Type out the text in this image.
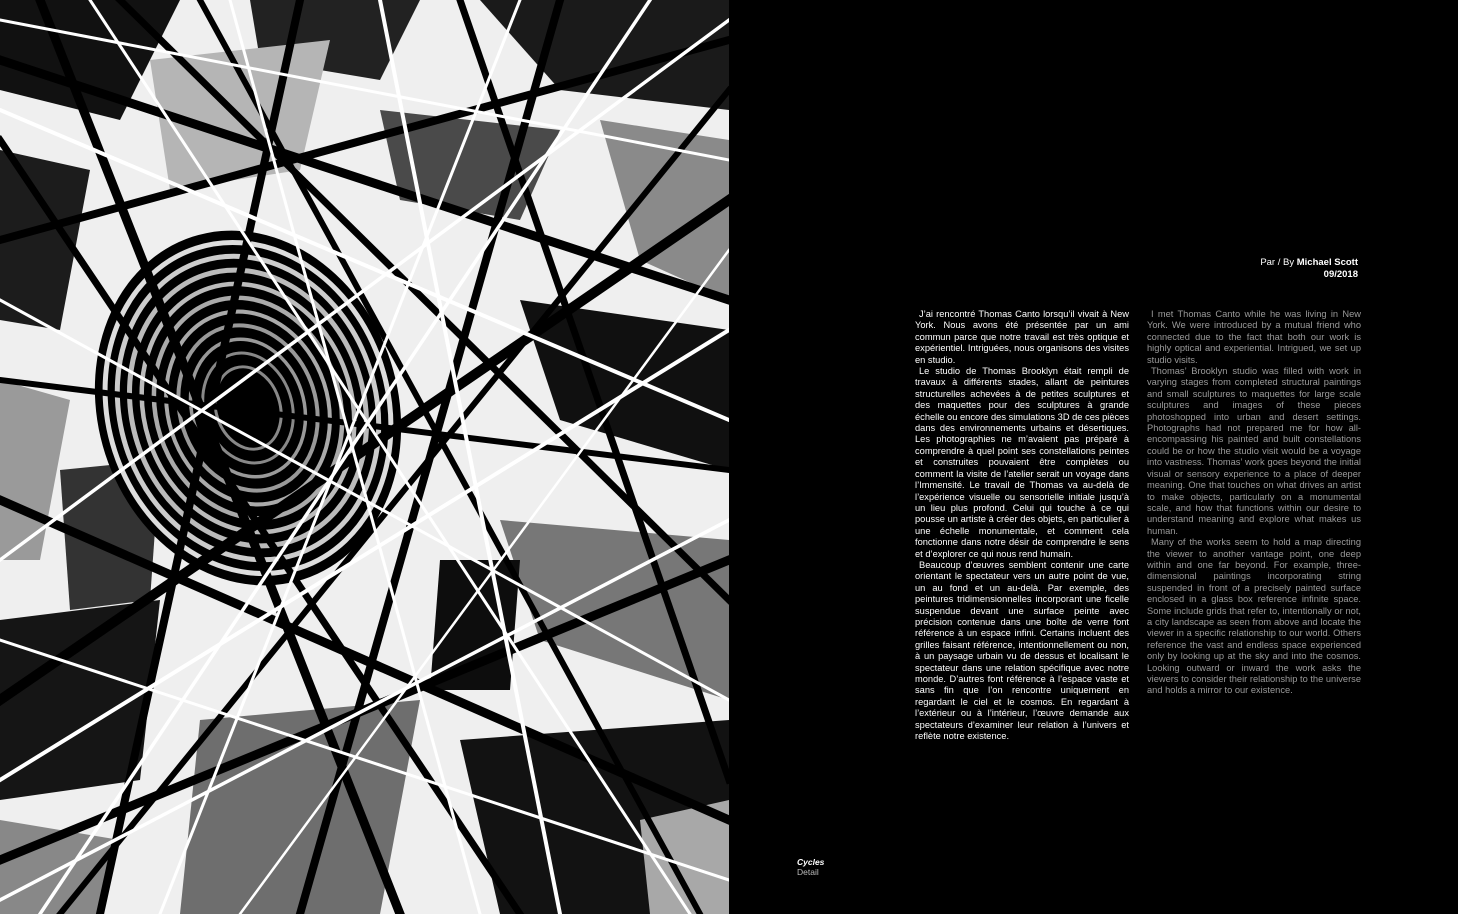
Par / By Michael Scott
09/2018

J’ai rencontré Thomas Canto lorsqu’il vivait à New York. Nous avons été présentée par un ami commun parce que notre travail est très optique et expérientiel. Intriguées, nous organisons des visites en studio.

Le studio de Thomas Brooklyn était rempli de travaux à différents stades, allant de peintures structurelles achevées à de petites sculptures et des maquettes pour des sculptures à grande échelle ou encore des simulations 3D de ces pièces dans des environnements urbains et désertiques. Les photographies ne m’avaient pas préparé à comprendre à quel point ses constellations peintes et construites pouvaient être complètes ou comment la visite de l’atelier serait un voyage dans l’Immensité. Le travail de Thomas va au-delà de l’expérience visuelle ou sensorielle initiale jusqu’à un lieu plus profond. Celui qui touche à ce qui pousse un artiste à créer des objets, en particulier à une échelle monumentale, et comment cela fonctionne dans notre désir de comprendre le sens et d’explorer ce qui nous rend humain.

Beaucoup d’œuvres semblent contenir une carte orientant le spectateur vers un autre point de vue, un au fond et un au-delà. Par exemple, des peintures tridimensionnelles incorporant une ficelle suspendue devant une surface peinte avec précision contenue dans une boîte de verre font référence à un espace infini. Certains incluent des grilles faisant référence, intentionnellement ou non, à un paysage urbain vu de dessus et localisant le spectateur dans une relation spécifique avec notre monde. D’autres font référence à l’espace vaste et sans fin que l’on rencontre uniquement en regardant le ciel et le cosmos. En regardant à l’extérieur ou à l’intérieur, l’œuvre demande aux spectateurs d’examiner leur relation à l’univers et reflète notre existence.

I met Thomas Canto while he was living in New York. We were introduced by a mutual friend who connected due to the fact that both our work is highly optical and experiential. Intrigued, we set up studio visits.

Thomas’ Brooklyn studio was filled with work in varying stages from completed structural paintings and small sculptures to maquettes for large scale sculptures and images of these pieces photoshopped into urban and desert settings. Photographs had not prepared me for how all-encompassing his painted and built constellations could be or how the studio visit would be a voyage into vastness. Thomas’ work goes beyond the initial visual or sensory experience to a place of deeper meaning. One that touches on what drives an artist to make objects, particularly on a monumental scale, and how that functions within our desire to understand meaning and explore what makes us human.

Many of the works seem to hold a map directing the viewer to another vantage point, one deep within and one far beyond. For example, three-dimensional paintings incorporating string suspended in front of a precisely painted surface enclosed in a glass box reference infinite space. Some include grids that refer to, intentionally or not, a city landscape as seen from above and locate the viewer in a specific relationship to our world. Others reference the vast and endless space experienced only by looking up at the sky and into the cosmos. Looking outward or inward the work asks the viewers to consider their relationship to the universe and holds a mirror to our existence.

Cycles
Detail
